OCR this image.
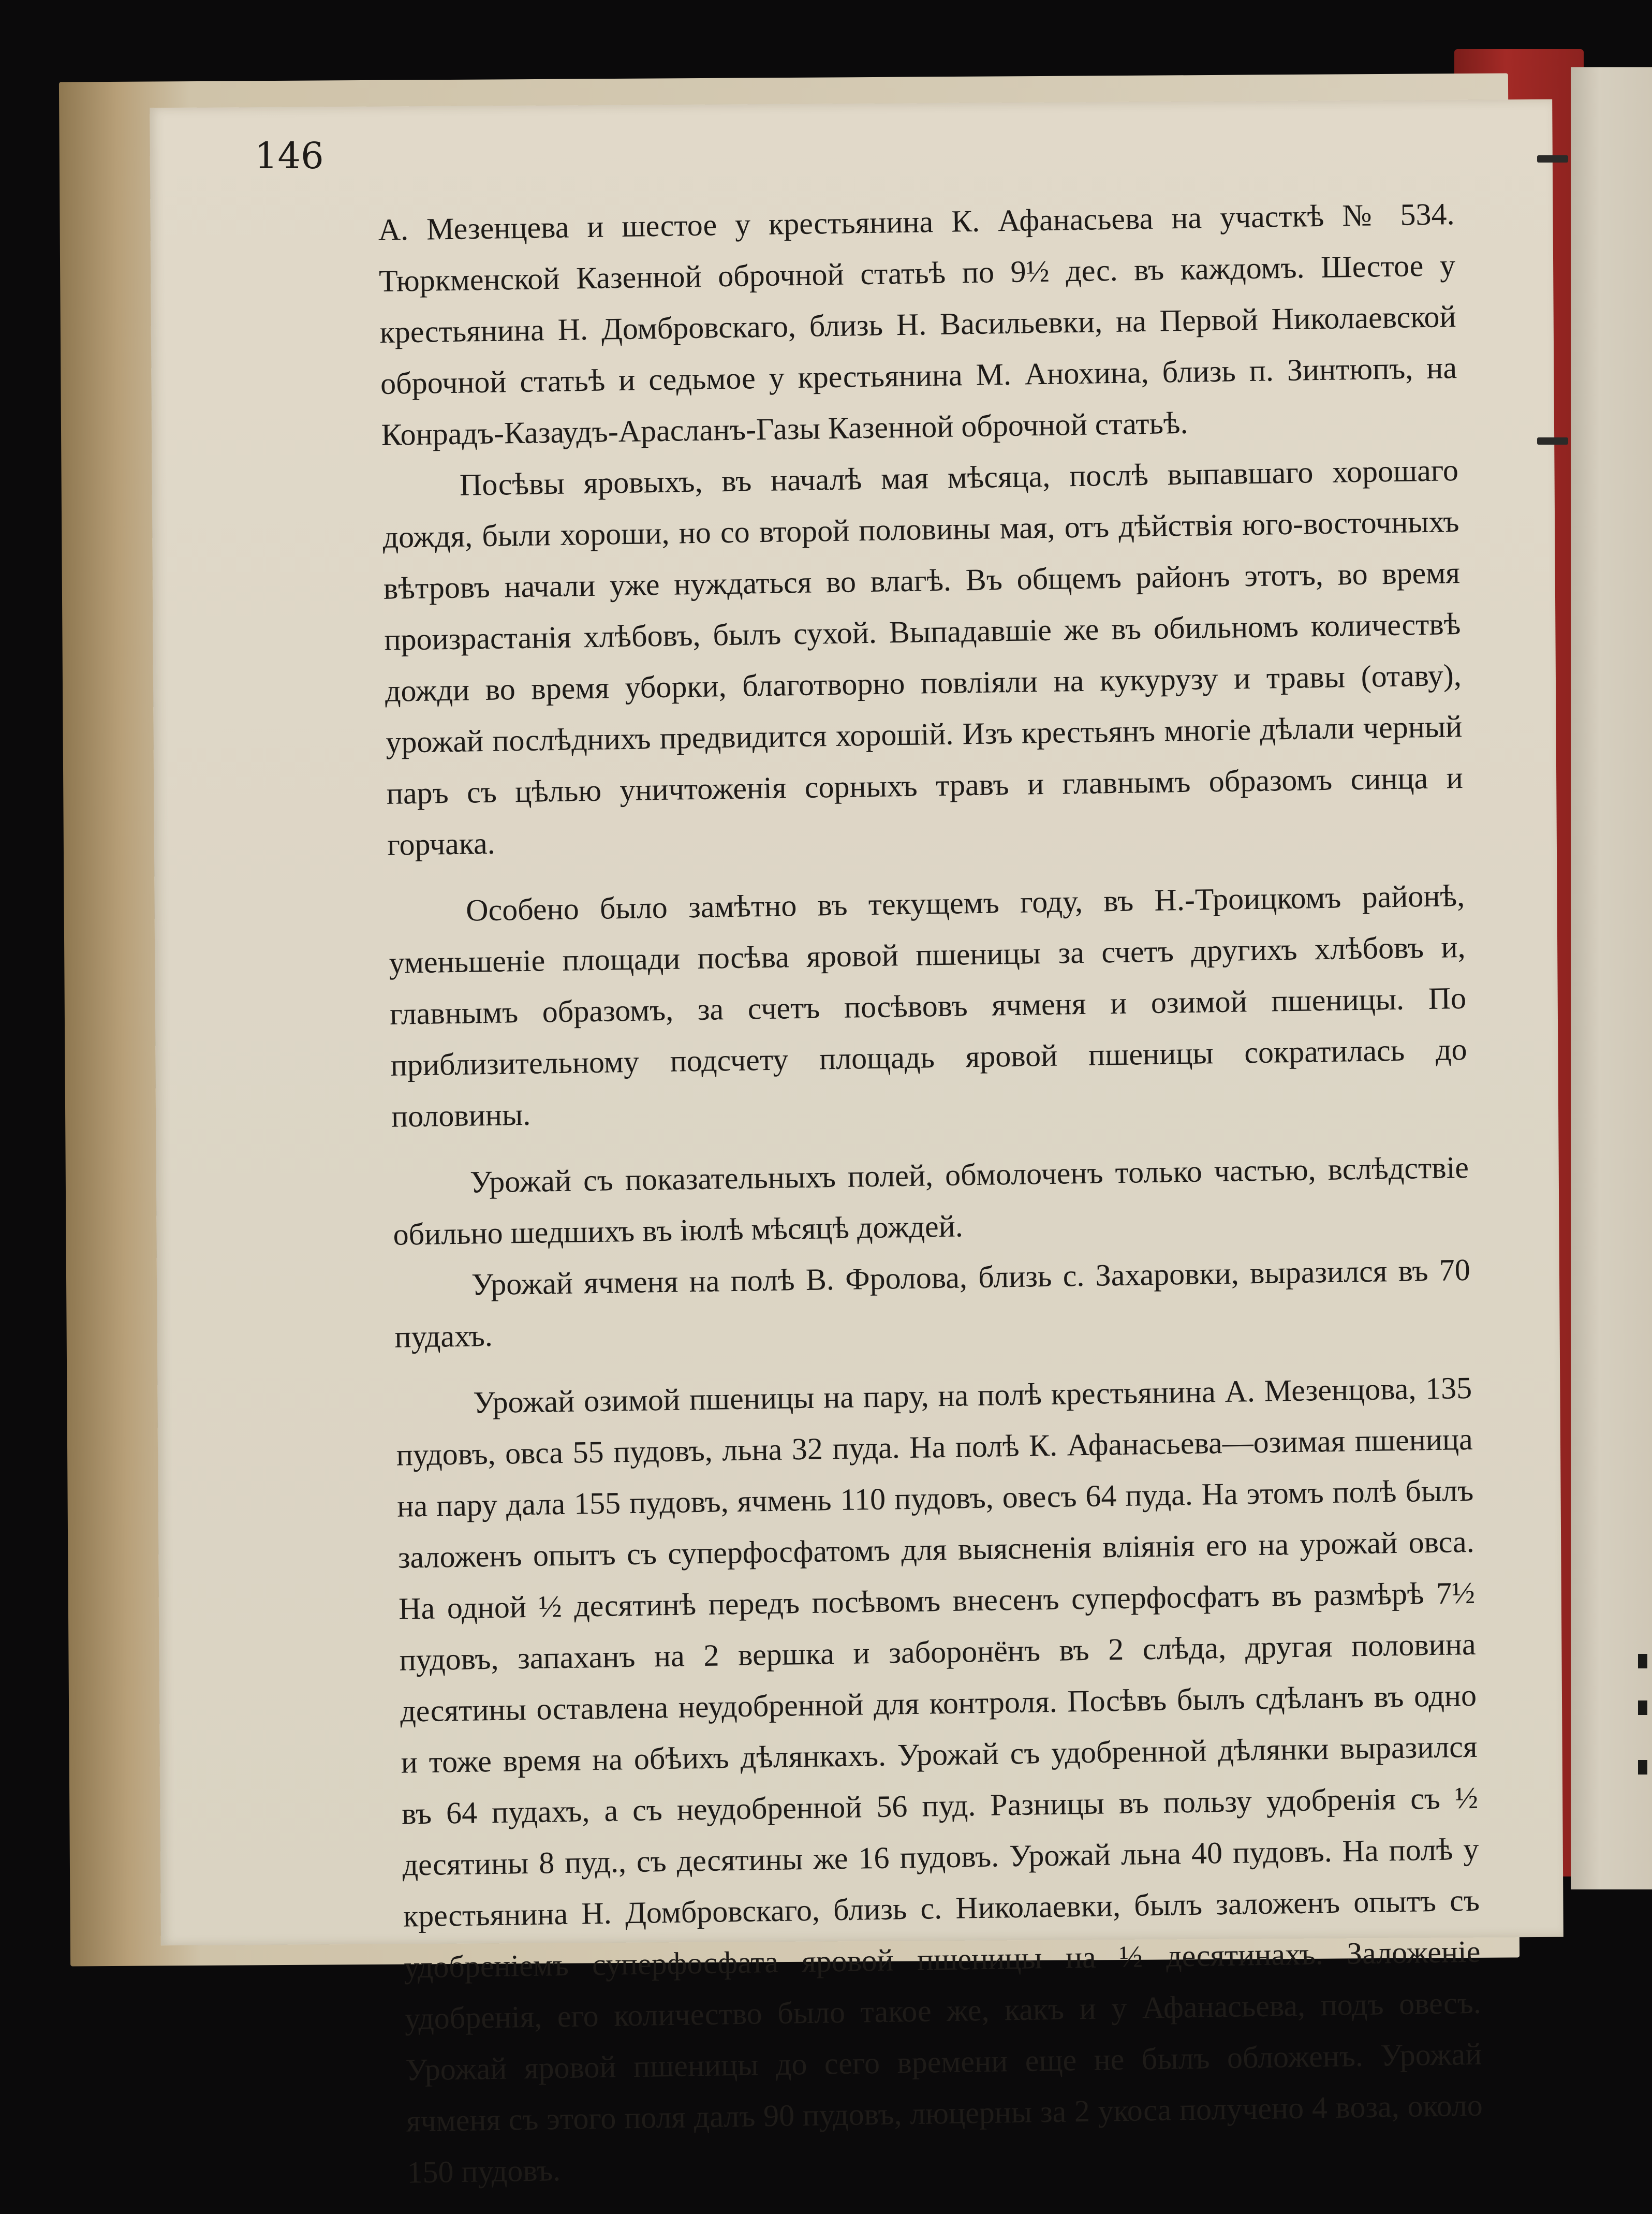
146

А. Мезенцева и шестое у крестьянина К. Афанасьева на участкѣ № 534. Тюркменской Казенной оброчной статьѣ по 9½ дес. въ каждомъ. Шестое у крестьянина Н. Домбровскаго, близь Н. Васильевки, на Первой Николаевской оброчной статьѣ и седьмое у крестьянина М. Анохина, близь п. Зинтюпъ, на Конрадъ-Казаудъ-Арасланъ-Газы Казенной оброчной статьѣ.

Посѣвы яровыхъ, въ началѣ мая мѣсяца, послѣ выпавшаго хорошаго дождя, были хороши, но со второй половины мая, отъ дѣйствія юго-восточныхъ вѣтровъ начали уже нуждаться во влагѣ. Въ общемъ районъ этотъ, во время произрастанія хлѣбовъ, былъ сухой. Выпадавшіе же въ обильномъ количествѣ дожди во время уборки, благотворно повліяли на кукурузу и травы (отаву), урожай послѣднихъ предвидится хорошій. Изъ крестьянъ многіе дѣлали черный паръ съ цѣлью уничтоженія сорныхъ травъ и главнымъ образомъ синца и горчака.

Особено было замѣтно въ текущемъ году, въ Н.-Троицкомъ районѣ, уменьшеніе площади посѣва яровой пшеницы за счетъ другихъ хлѣбовъ и, главнымъ образомъ, за счетъ посѣвовъ ячменя и озимой пшеницы. По приблизительному подсчету площадь яровой пшеницы сократилась до половины.

Урожай съ показательныхъ полей, обмолоченъ только частью, вслѣдствіе обильно шедшихъ въ іюлѣ мѣсяцѣ дождей.

Урожай ячменя на полѣ В. Фролова, близь с. Захаровки, выразился въ 70 пудахъ.

Урожай озимой пшеницы на пару, на полѣ крестьянина А. Мезенцова, 135 пудовъ, овса 55 пудовъ, льна 32 пуда. На полѣ К. Афанасьева—озимая пшеница на пару дала 155 пудовъ, ячмень 110 пудовъ, овесъ 64 пуда. На этомъ полѣ былъ заложенъ опытъ съ суперфосфатомъ для выясненія вліянія его на урожай овса. На одной ½ десятинѣ передъ посѣвомъ внесенъ суперфосфатъ въ размѣрѣ 7½ пудовъ, запаханъ на 2 вершка и заборонёнъ въ 2 слѣда, другая половина десятины оставлена неудобренной для контроля. Посѣвъ былъ сдѣланъ въ одно и тоже время на обѣихъ дѣлянкахъ. Урожай съ удобренной дѣлянки выразился въ 64 пудахъ, а съ неудобренной 56 пуд. Разницы въ пользу удобренія съ ½ десятины 8 пуд., съ десятины же 16 пудовъ. Урожай льна 40 пудовъ. На полѣ у крестьянина Н. Домбровскаго, близь с. Николаевки, былъ заложенъ опытъ съ удобреніемъ суперфосфата яровой пшеницы на ½ десятинахъ. Заложеніе удобренія, его количество было такое же, какъ и у Афанасьева, подъ овесъ. Урожай яровой пшеницы до сего времени еще не былъ обложенъ. Урожай ячменя съ этого поля далъ 90 пудовъ, люцерны за 2 укоса получено 4 воза, около 150 пудовъ.
